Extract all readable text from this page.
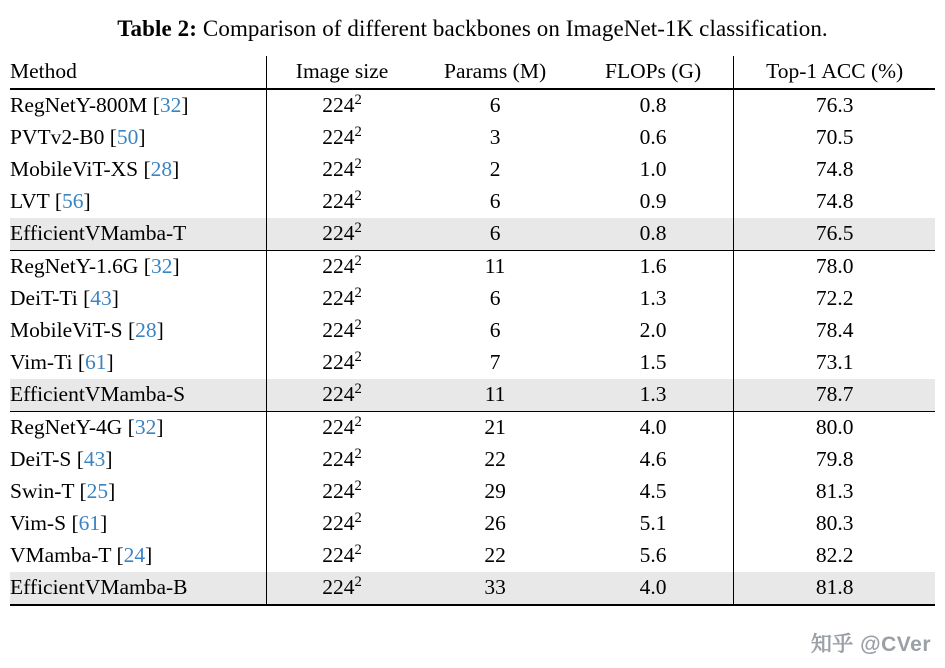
Table 2: Comparison of different backbones on ImageNet-1K classification.
Method	Image size	Params (M)	FLOPs (G)	Top-1 ACC (%)
RegNetY-800M [32]	$224^2$	6	0.8	76.3
PVTv2-B0 [50]	$224^2$	3	0.6	70.5
MobileViT-XS [28]	$224^2$	2	1.0	74.8
LVT [56]	$224^2$	6	0.9	74.8
EfficientVMamba-T	$224^2$	6	0.8	76.5
RegNetY-1.6G [32]	$224^2$	11	1.6	78.0
DeiT-Ti [43]	$224^2$	6	1.3	72.2
MobileViT-S [28]	$224^2$	6	2.0	78.4
Vim-Ti [61]	$224^2$	7	1.5	73.1
EfficientVMamba-S	$224^2$	11	1.3	78.7
RegNetY-4G [32]	$224^2$	21	4.0	80.0
DeiT-S [43]	$224^2$	22	4.6	79.8
Swin-T [25]	$224^2$	29	4.5	81.3
Vim-S [61]	$224^2$	26	5.1	80.3
VMamba-T [24]	$224^2$	22	5.6	82.2
EfficientVMamba-B	$224^2$	33	4.0	81.8

知乎 @CVer
